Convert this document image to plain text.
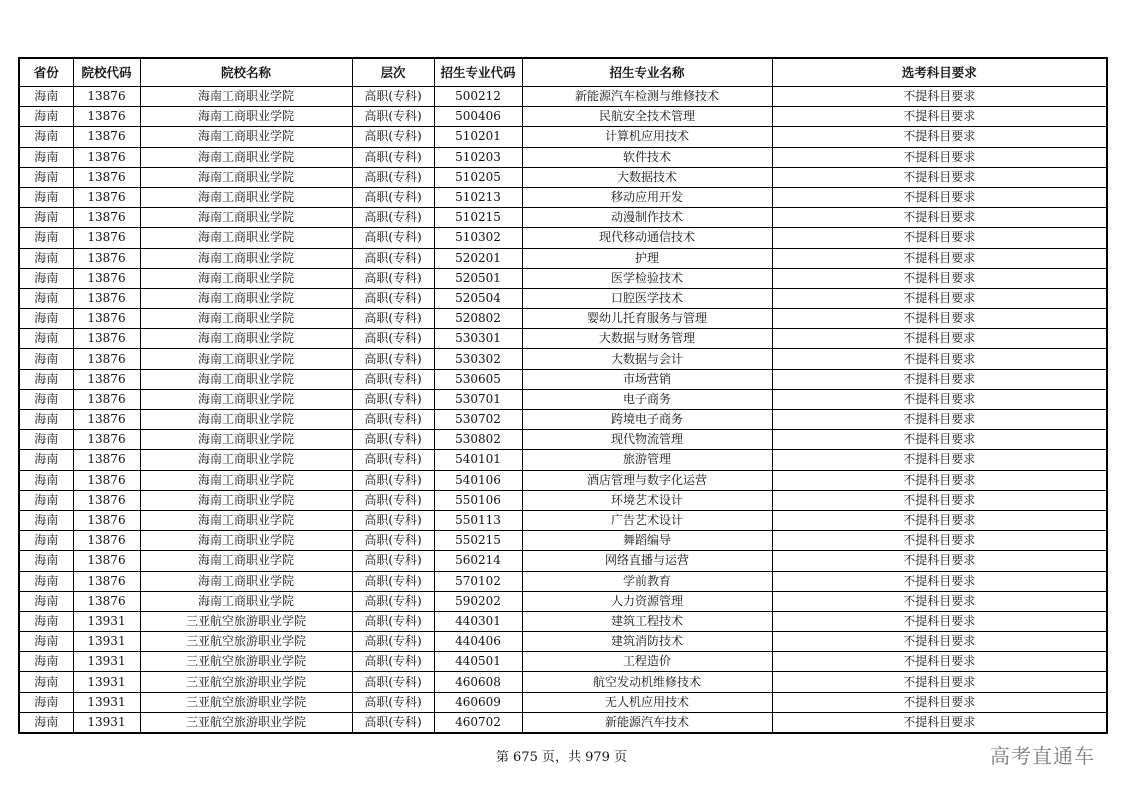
省份	院校代码	院校名称	层次	招生专业代码	招生专业名称	选考科目要求
海南	13876	海南工商职业学院	高职(专科)	500212	新能源汽车检测与维修技术	不提科目要求
海南	13876	海南工商职业学院	高职(专科)	500406	民航安全技术管理	不提科目要求
海南	13876	海南工商职业学院	高职(专科)	510201	计算机应用技术	不提科目要求
海南	13876	海南工商职业学院	高职(专科)	510203	软件技术	不提科目要求
海南	13876	海南工商职业学院	高职(专科)	510205	大数据技术	不提科目要求
海南	13876	海南工商职业学院	高职(专科)	510213	移动应用开发	不提科目要求
海南	13876	海南工商职业学院	高职(专科)	510215	动漫制作技术	不提科目要求
海南	13876	海南工商职业学院	高职(专科)	510302	现代移动通信技术	不提科目要求
海南	13876	海南工商职业学院	高职(专科)	520201	护理	不提科目要求
海南	13876	海南工商职业学院	高职(专科)	520501	医学检验技术	不提科目要求
海南	13876	海南工商职业学院	高职(专科)	520504	口腔医学技术	不提科目要求
海南	13876	海南工商职业学院	高职(专科)	520802	婴幼儿托育服务与管理	不提科目要求
海南	13876	海南工商职业学院	高职(专科)	530301	大数据与财务管理	不提科目要求
海南	13876	海南工商职业学院	高职(专科)	530302	大数据与会计	不提科目要求
海南	13876	海南工商职业学院	高职(专科)	530605	市场营销	不提科目要求
海南	13876	海南工商职业学院	高职(专科)	530701	电子商务	不提科目要求
海南	13876	海南工商职业学院	高职(专科)	530702	跨境电子商务	不提科目要求
海南	13876	海南工商职业学院	高职(专科)	530802	现代物流管理	不提科目要求
海南	13876	海南工商职业学院	高职(专科)	540101	旅游管理	不提科目要求
海南	13876	海南工商职业学院	高职(专科)	540106	酒店管理与数字化运营	不提科目要求
海南	13876	海南工商职业学院	高职(专科)	550106	环境艺术设计	不提科目要求
海南	13876	海南工商职业学院	高职(专科)	550113	广告艺术设计	不提科目要求
海南	13876	海南工商职业学院	高职(专科)	550215	舞蹈编导	不提科目要求
海南	13876	海南工商职业学院	高职(专科)	560214	网络直播与运营	不提科目要求
海南	13876	海南工商职业学院	高职(专科)	570102	学前教育	不提科目要求
海南	13876	海南工商职业学院	高职(专科)	590202	人力资源管理	不提科目要求
海南	13931	三亚航空旅游职业学院	高职(专科)	440301	建筑工程技术	不提科目要求
海南	13931	三亚航空旅游职业学院	高职(专科)	440406	建筑消防技术	不提科目要求
海南	13931	三亚航空旅游职业学院	高职(专科)	440501	工程造价	不提科目要求
海南	13931	三亚航空旅游职业学院	高职(专科)	460608	航空发动机维修技术	不提科目要求
海南	13931	三亚航空旅游职业学院	高职(专科)	460609	无人机应用技术	不提科目要求
海南	13931	三亚航空旅游职业学院	高职(专科)	460702	新能源汽车技术	不提科目要求
第 675 页，共 979 页	高考直通车
